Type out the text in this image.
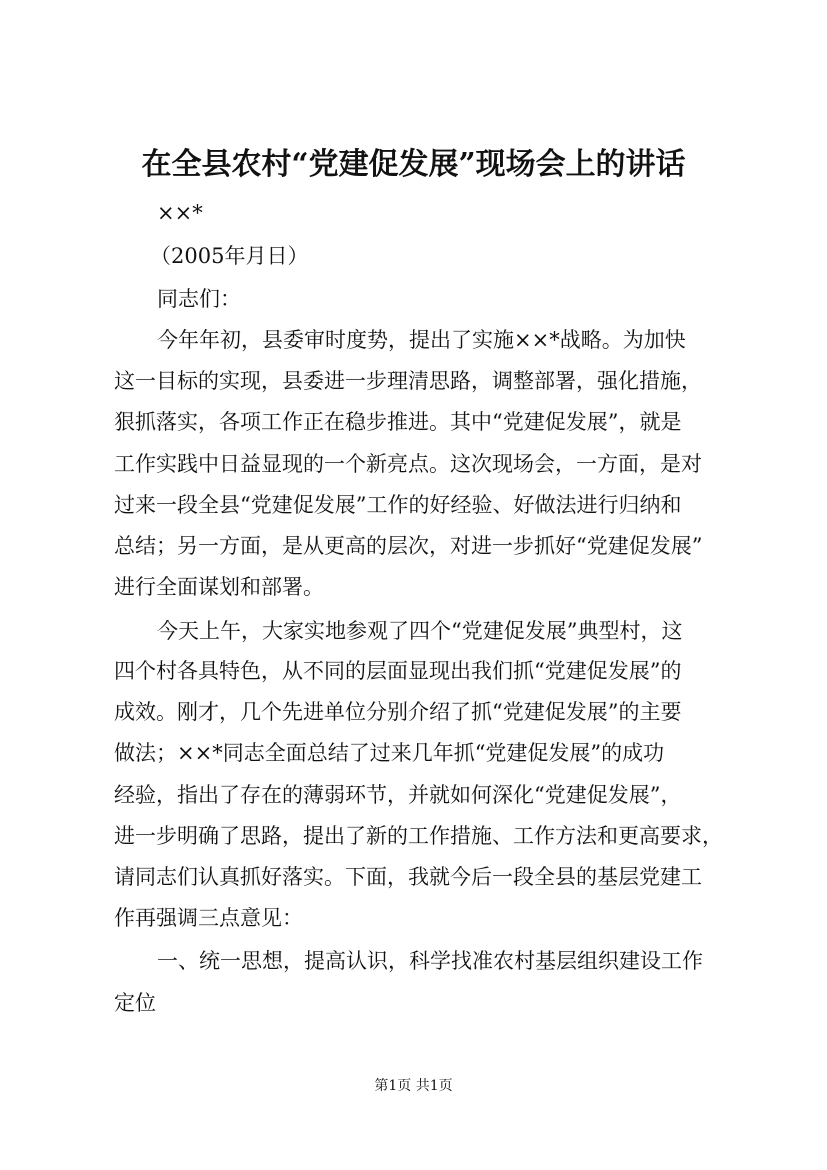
在全县农村“党建促发展”现场会上的讲话
××*
（2005年月日）
同志们：
今年年初，县委审时度势，提出了实施××*战略。为加快
这一目标的实现，县委进一步理清思路，调整部署，强化措施，
狠抓落实，各项工作正在稳步推进。其中“党建促发展”，就是
工作实践中日益显现的一个新亮点。这次现场会，一方面，是对
过来一段全县“党建促发展”工作的好经验、好做法进行归纳和
总结；另一方面，是从更高的层次，对进一步抓好“党建促发展”
进行全面谋划和部署。
今天上午，大家实地参观了四个“党建促发展”典型村，这
四个村各具特色，从不同的层面显现出我们抓“党建促发展”的
成效。刚才，几个先进单位分别介绍了抓“党建促发展”的主要
做法；××*同志全面总结了过来几年抓“党建促发展”的成功
经验，指出了存在的薄弱环节，并就如何深化“党建促发展”，
进一步明确了思路，提出了新的工作措施、工作方法和更高要求，
请同志们认真抓好落实。下面，我就今后一段全县的基层党建工
作再强调三点意见：
一、统一思想，提高认识，科学找准农村基层组织建设工作
定位
第1页 共1页
